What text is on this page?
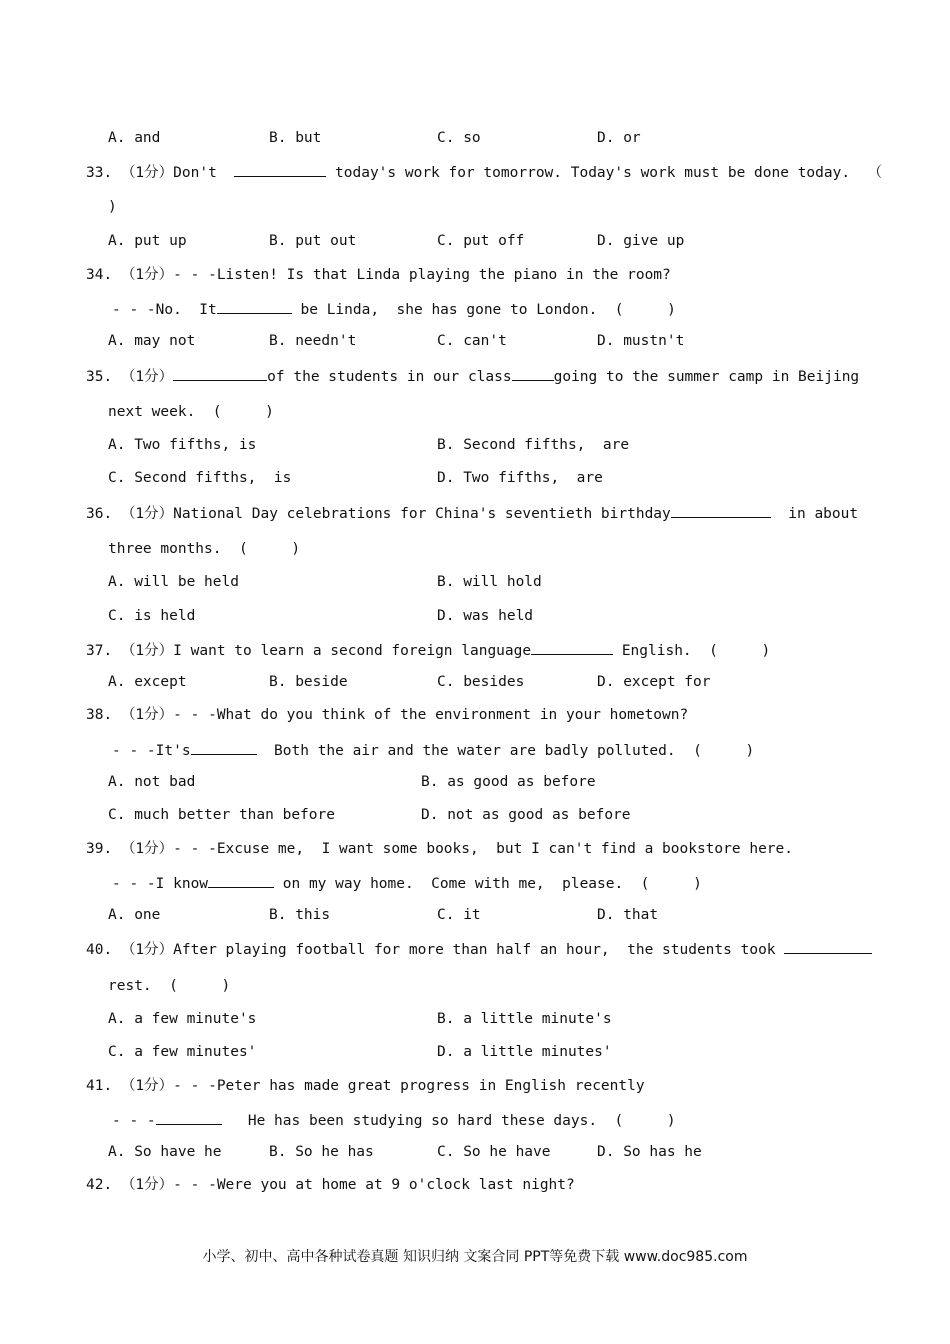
A. and	B. but	C. so	D. or
33. （1分）Don't	today's work for tomorrow. Today's work must be done today. （
)
A. put up	B. put out	C. put off	D. give up
34. （1分）- - -Listen! Is that Linda playing the piano in the room?
- - -No.  It	be Linda,  she has gone to London.  (     )
A. may not	B. needn't	C. can't	D. mustn't
35. （1分）	of the students in our class	going to the summer camp in Beijing
next week.  (     )
A. Two fifths, is	B. Second fifths,  are
C. Second fifths,  is	D. Two fifths,  are
36. （1分）National Day celebrations for China's seventieth birthday	in about
three months.  (     )
A. will be held	B. will hold
C. is held	D. was held
37. （1分）I want to learn a second foreign language	English.  (     )
A. except	B. beside	C. besides	D. except for
38. （1分）- - -What do you think of the environment in your hometown?
- - -It's	Both the air and the water are badly polluted.  (     )
A. not bad	B. as good as before
C. much better than before	D. not as good as before
39. （1分）- - -Excuse me,  I want some books,  but I can't find a bookstore here.
- - -I know	on my way home.  Come with me,  please.  (     )
A. one	B. this	C. it	D. that
40. （1分）After playing football for more than half an hour,  the students took
rest.  (     )
A. a few minute's	B. a little minute's
C. a few minutes'	D. a little minutes'
41. （1分）- - -Peter has made great progress in English recently
- - -	He has been studying so hard these days.  (     )
A. So have he	B. So he has	C. So he have	D. So has he
42. （1分）- - -Were you at home at 9 o'clock last night?
小学、初中、高中各种试卷真题 知识归纳 文案合同 PPT等免费下载 www.doc985.com
